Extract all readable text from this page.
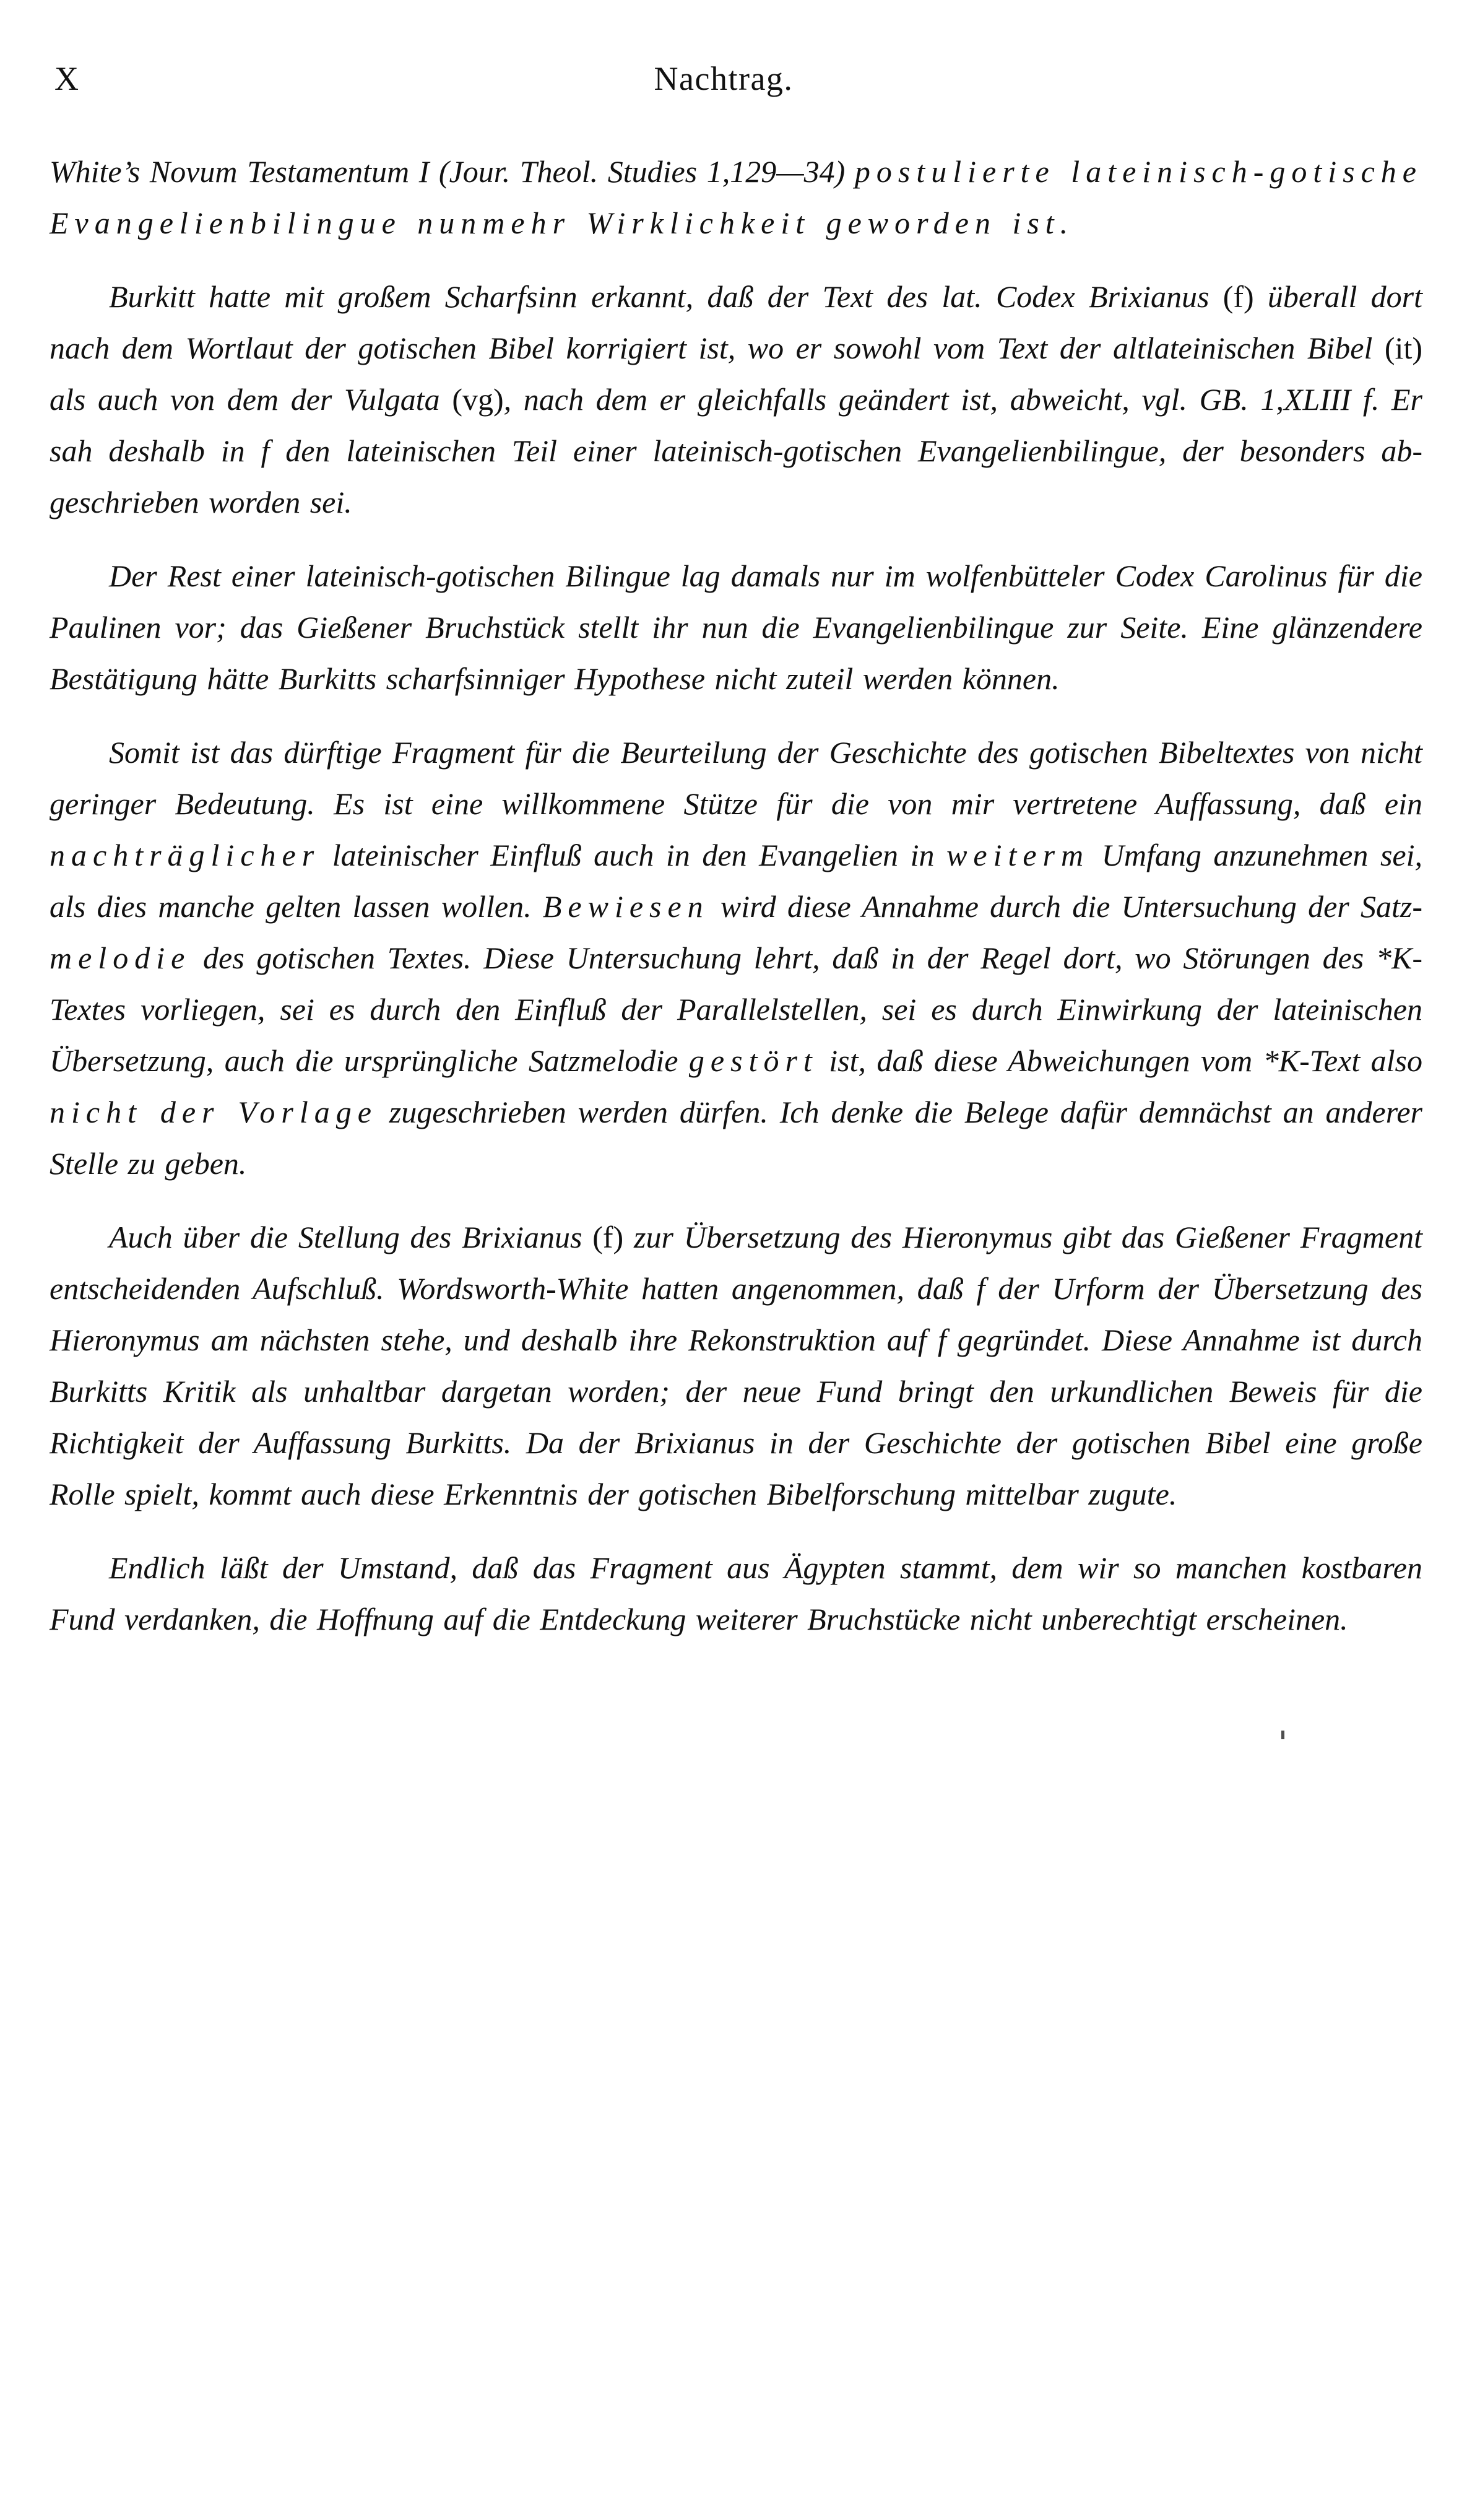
X	Nachtrag.

White’s Novum Testamentum I (Jour. Theol. Studies 1,129—34) postulierte lateinisch-gotische Evangelienbilingue nunmehr Wirklichkeit geworden ist.

Burkitt hatte mit großem Scharfsinn erkannt, daß der Text des lat. Codex Brixianus (f) überall dort nach dem Wortlaut der gotischen Bibel korrigiert ist, wo er sowohl vom Text der altlateinischen Bibel (it) als auch von dem der Vulgata (vg), nach dem er gleichfalls geändert ist, abweicht, vgl. GB. 1,XLIII f. Er sah deshalb in f den lateinischen Teil einer lateinisch-gotischen Evangelienbilingue, der besonders abgeschrieben worden sei.

Der Rest einer lateinisch-gotischen Bilingue lag damals nur im wolfenbütteler Codex Carolinus für die Paulinen vor; das Gießener Bruchstück stellt ihr nun die Evangelienbilingue zur Seite. Eine glänzendere Bestätigung hätte Burkitts scharfsinniger Hypothese nicht zuteil werden können.

Somit ist das dürftige Fragment für die Beurteilung der Geschichte des gotischen Bibeltextes von nicht geringer Bedeutung. Es ist eine willkommene Stütze für die von mir vertretene Auffassung, daß ein nachträglicher lateinischer Einfluß auch in den Evangelien in weiterm Umfang anzunehmen sei, als dies manche gelten lassen wollen. Bewiesen wird diese Annahme durch die Untersuchung der Satzmelodie des gotischen Textes. Diese Untersuchung lehrt, daß in der Regel dort, wo Störungen des *K-Textes vorliegen, sei es durch den Einfluß der Parallelstellen, sei es durch Einwirkung der lateinischen Übersetzung, auch die ursprüngliche Satzmelodie gestört ist, daß diese Abweichungen vom *K-Text also nicht der Vorlage zugeschrieben werden dürfen. Ich denke die Belege dafür demnächst an anderer Stelle zu geben.

Auch über die Stellung des Brixianus (f) zur Übersetzung des Hieronymus gibt das Gießener Fragment entscheidenden Aufschluß. Wordsworth-White hatten angenommen, daß f der Urform der Übersetzung des Hieronymus am nächsten stehe, und deshalb ihre Rekonstruktion auf f gegründet. Diese Annahme ist durch Burkitts Kritik als unhaltbar dargetan worden; der neue Fund bringt den urkundlichen Beweis für die Richtigkeit der Auffassung Burkitts. Da der Brixianus in der Geschichte der gotischen Bibel eine große Rolle spielt, kommt auch diese Erkenntnis der gotischen Bibelforschung mittelbar zugute.

Endlich läßt der Umstand, daß das Fragment aus Ägypten stammt, dem wir so manchen kostbaren Fund verdanken, die Hoffnung auf die Entdeckung weiterer Bruchstücke nicht unberechtigt erscheinen.
